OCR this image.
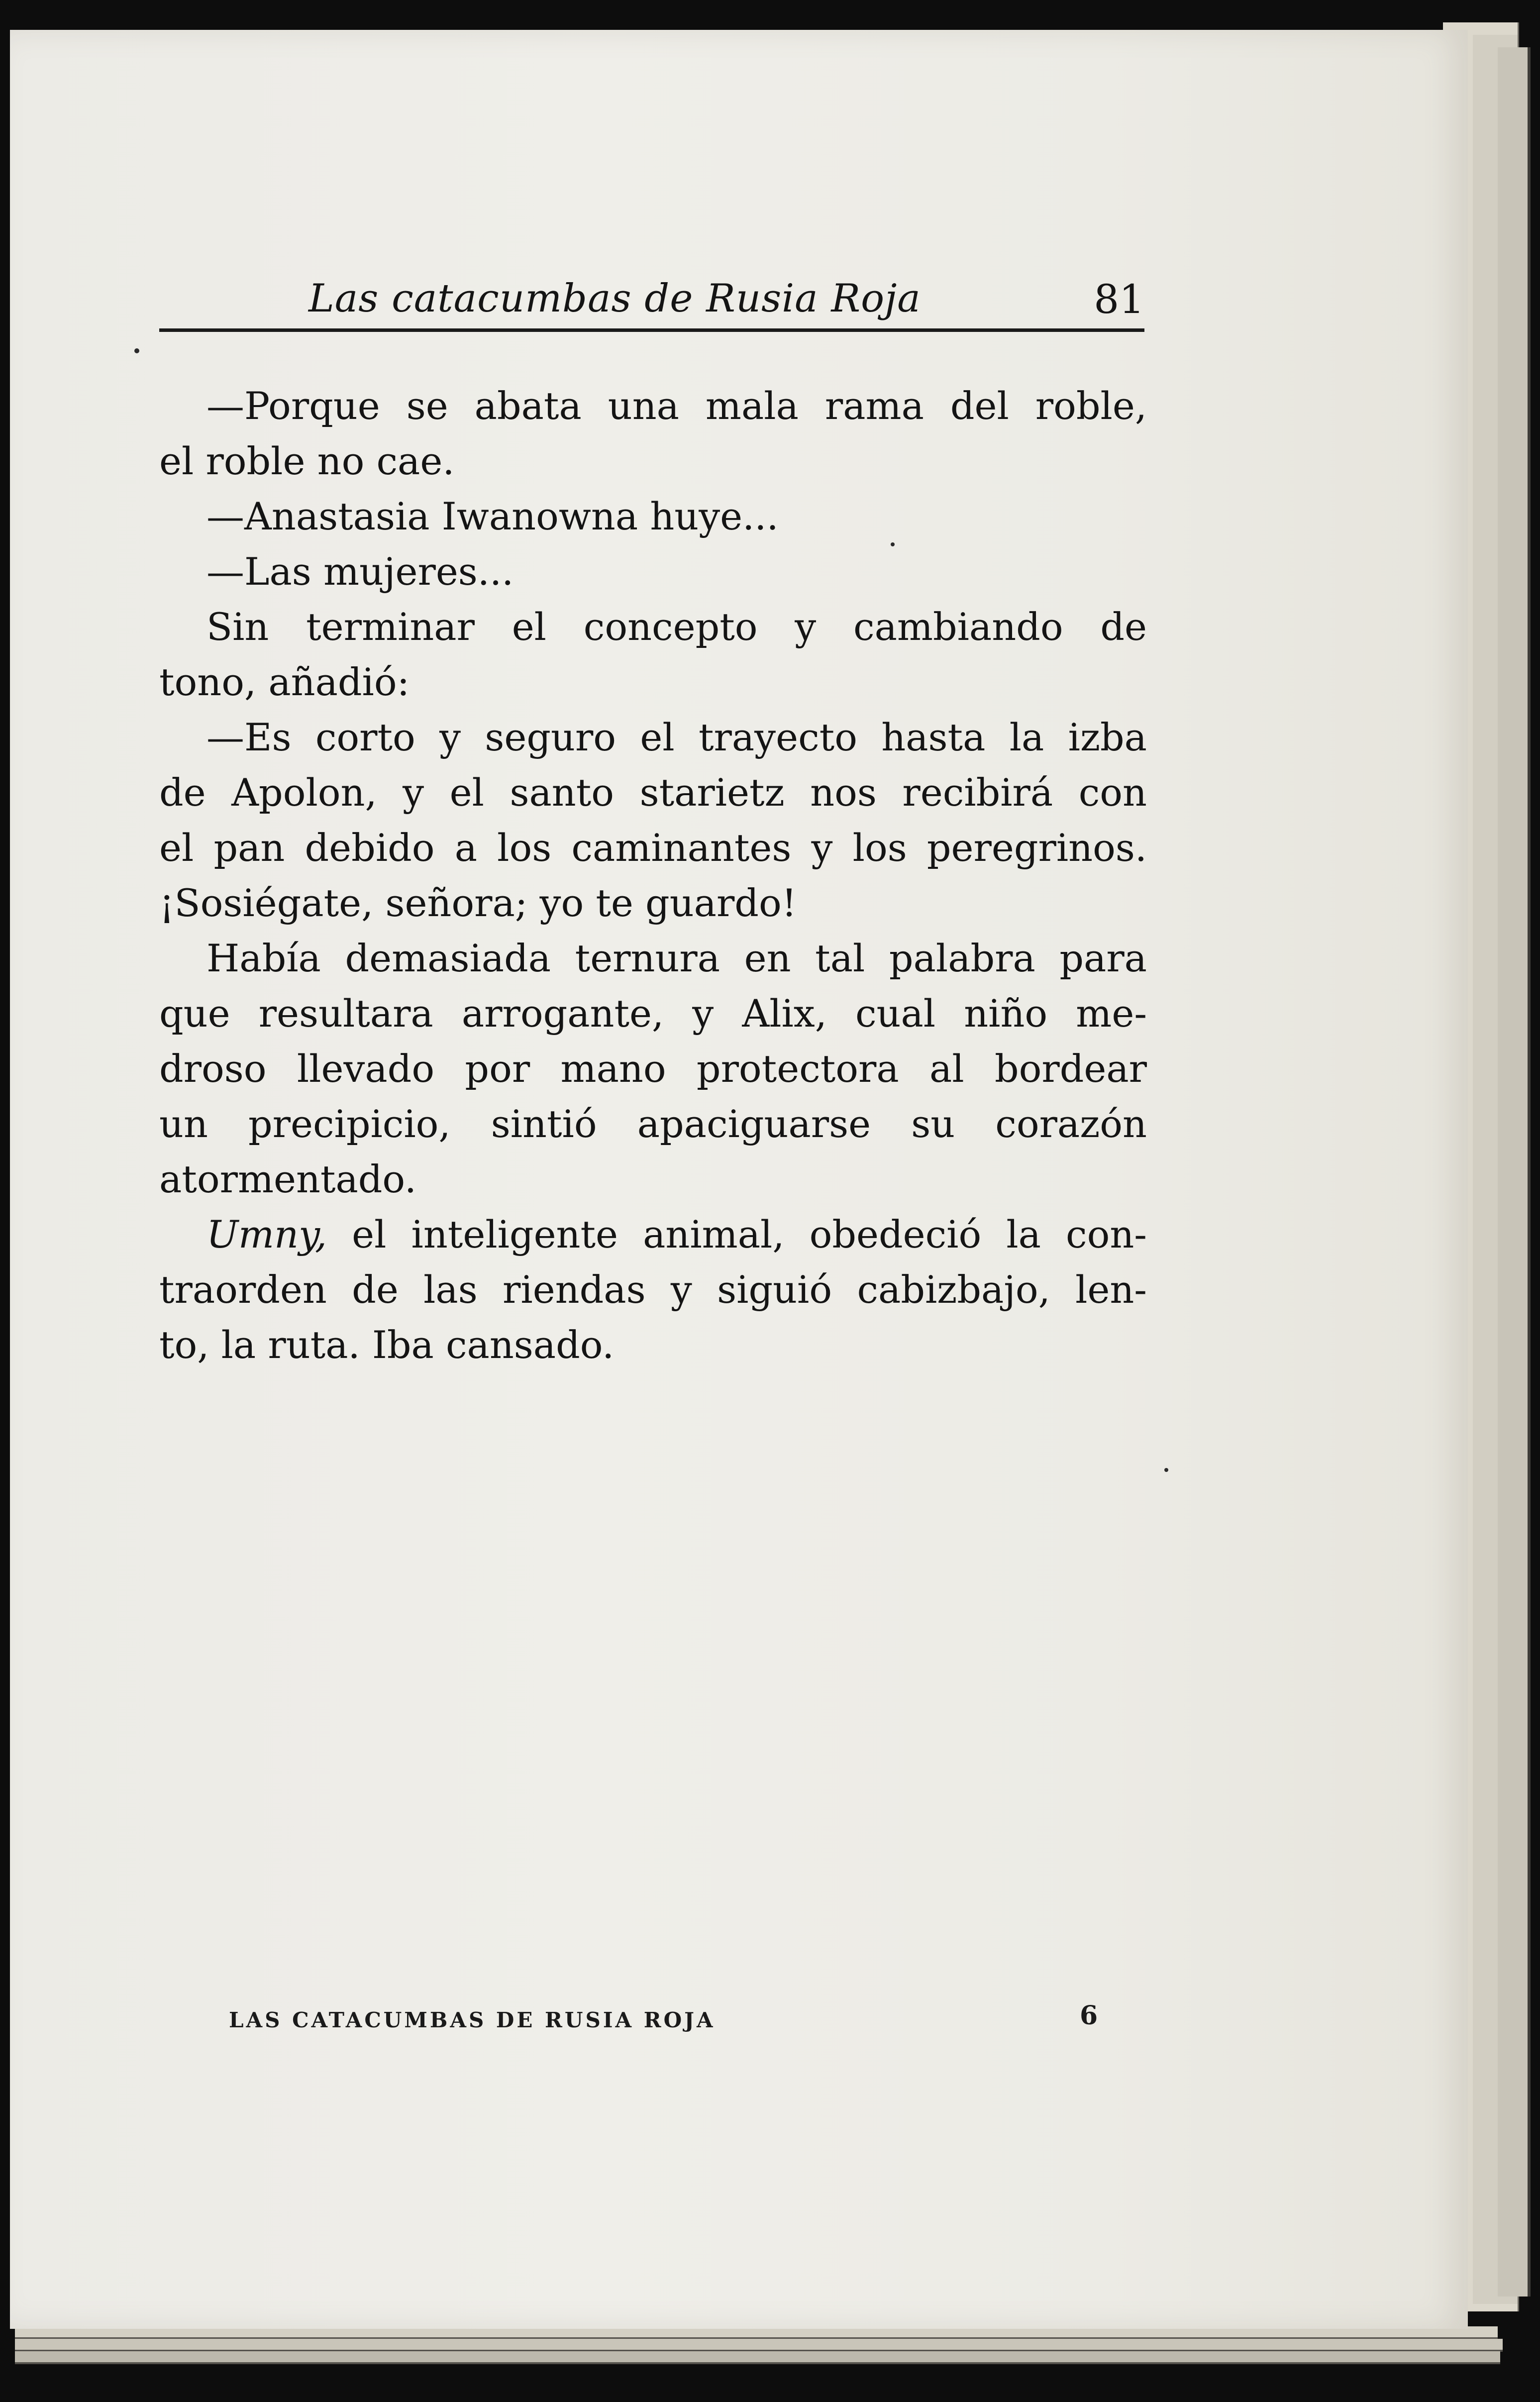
Las catacumbas de Rusia Roja	81
—Porque se abata una mala rama del roble,
el roble no cae.
—Anastasia Iwanowna huye...
—Las mujeres...
Sin terminar el concepto y cambiando de
tono, añadió:
—Es corto y seguro el trayecto hasta la izba
de Apolon, y el santo starietz nos recibirá con
el pan debido a los caminantes y los peregrinos.
¡Sosiégate, señora; yo te guardo!
Había demasiada ternura en tal palabra para
que resultara arrogante, y Alix, cual niño me-
droso llevado por mano protectora al bordear
un precipicio, sintió apaciguarse su corazón
atormentado.
Umny, el inteligente animal, obedeció la con-
traorden de las riendas y siguió cabizbajo, len-
to, la ruta. Iba cansado.
LAS CATACUMBAS DE RUSIA ROJA	6
